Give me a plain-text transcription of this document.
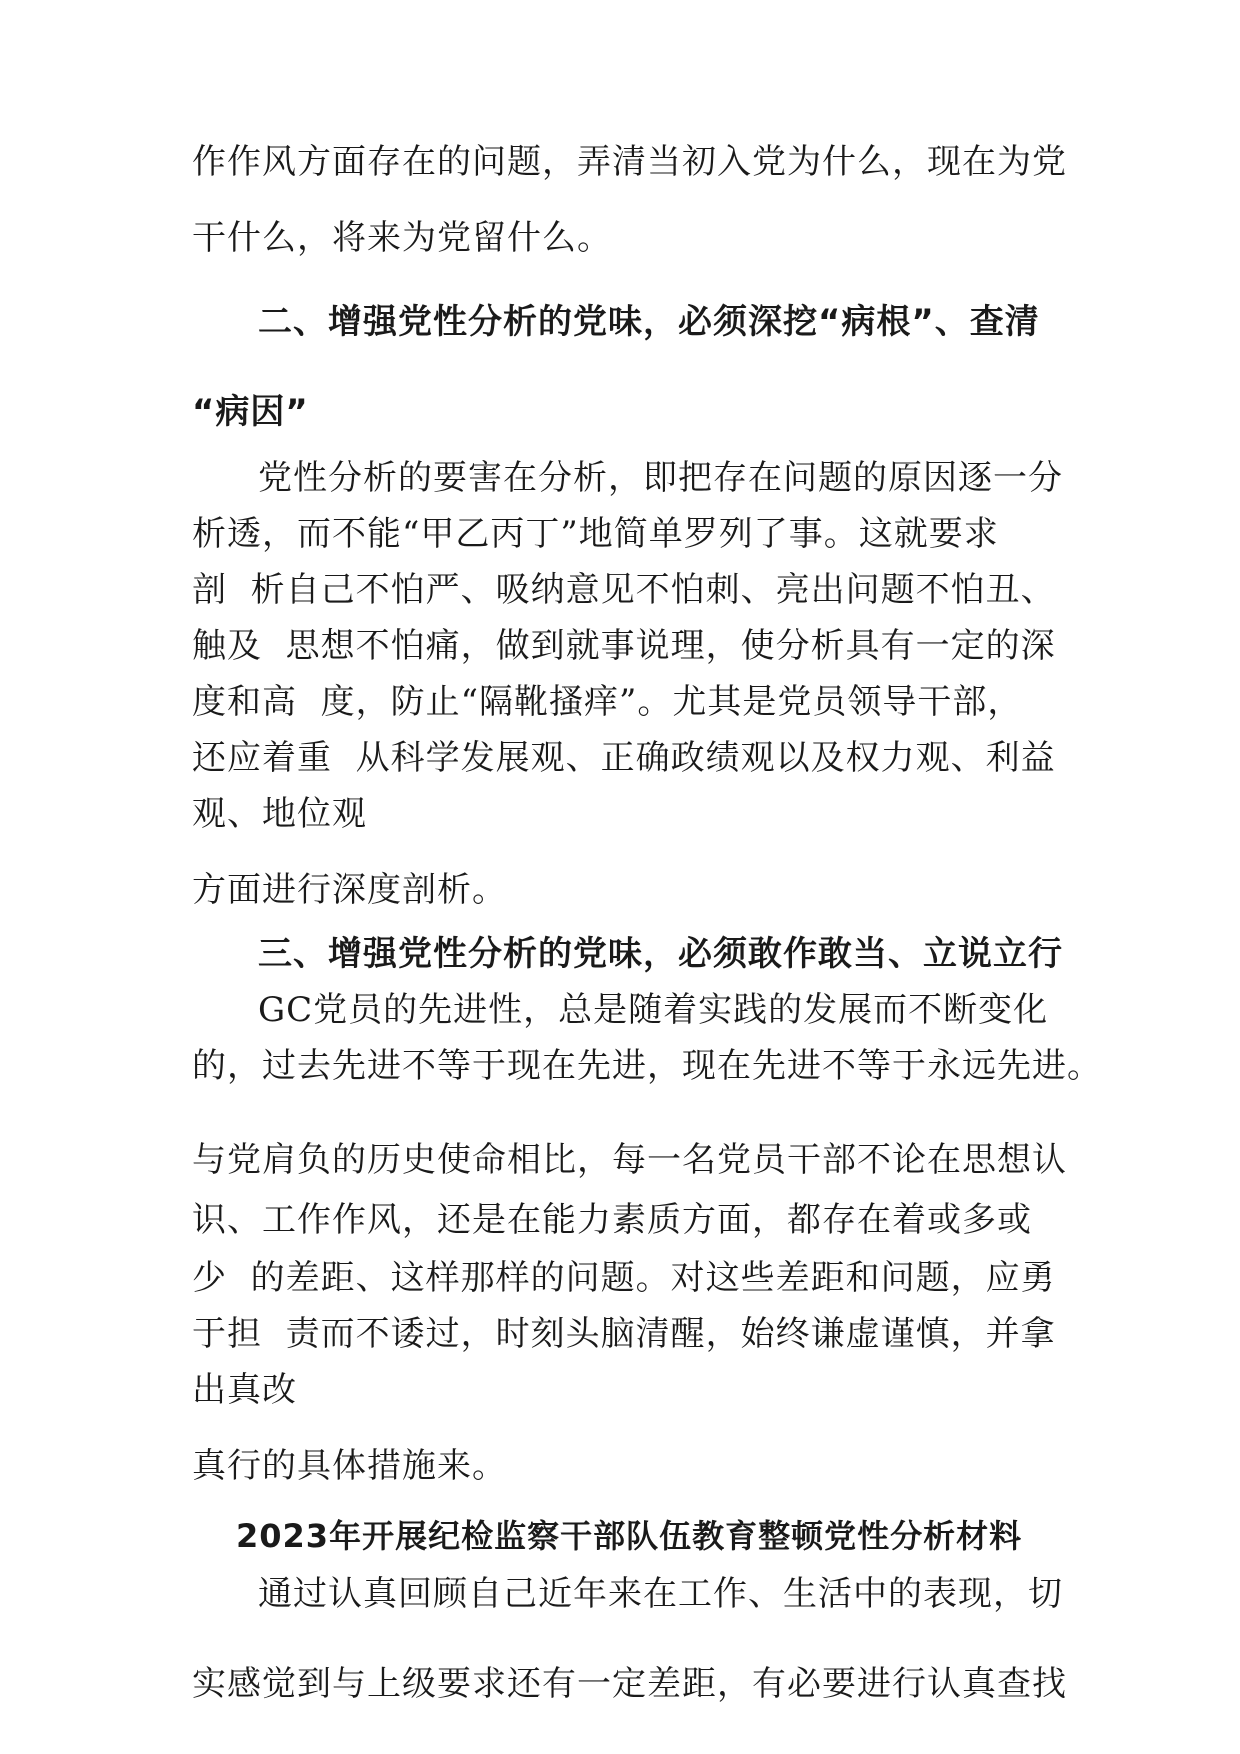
作作风方面存在的问题，弄清当初入党为什么，现在为党
干什么，将来为党留什么。
二、增强党性分析的党味，必须深挖“病根”、查清
“病因”
党性分析的要害在分析，即把存在问题的原因逐一分
析透，而不能“甲乙丙丁”地简单罗列了事。这就要求
剖  析自己不怕严、吸纳意见不怕刺、亮出问题不怕丑、
触及  思想不怕痛，做到就事说理，使分析具有一定的深
度和高  度，防止“隔靴搔痒”。尤其是党员领导干部，
还应着重  从科学发展观、正确政绩观以及权力观、利益
观、地位观
方面进行深度剖析。
三、增强党性分析的党味，必须敢作敢当、立说立行
GC党员的先进性，总是随着实践的发展而不断变化
的，过去先进不等于现在先进，现在先进不等于永远先进。
与党肩负的历史使命相比，每一名党员干部不论在思想认
识、工作作风，还是在能力素质方面，都存在着或多或
少  的差距、这样那样的问题。对这些差距和问题，应勇
于担  责而不诿过，时刻头脑清醒，始终谦虚谨慎，并拿
出真改
真行的具体措施来。
2023年开展纪检监察干部队伍教育整顿党性分析材料
通过认真回顾自己近年来在工作、生活中的表现，切
实感觉到与上级要求还有一定差距，有必要进行认真查找
